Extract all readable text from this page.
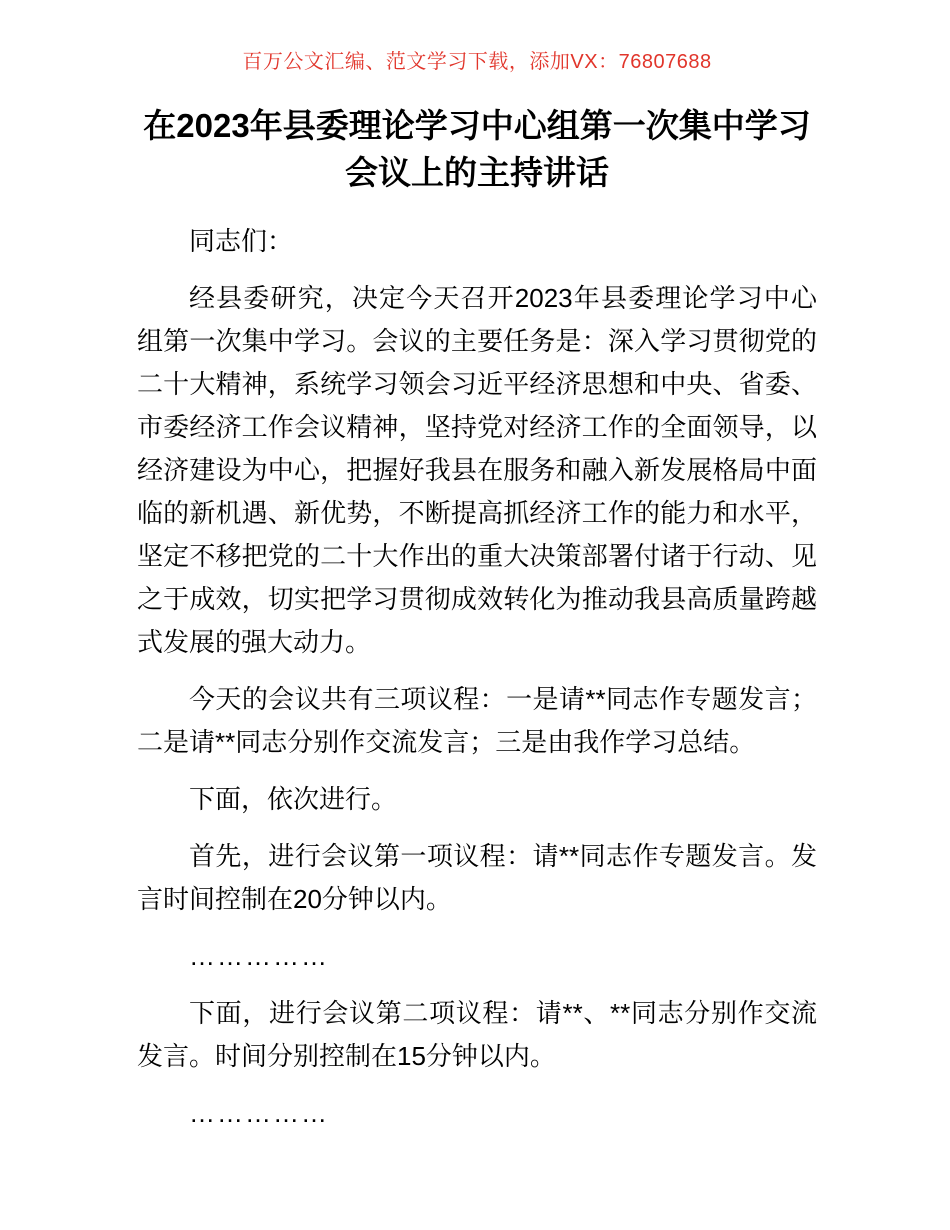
百万公文汇编、范文学习下载，添加VX：76807688
在2023年县委理论学习中心组第一次集中学习
会议上的主持讲话

同志们：

经县委研究，决定今天召开2023年县委理论学习中心组第一次集中学习。会议的主要任务是：深入学习贯彻党的二十大精神，系统学习领会习近平经济思想和中央、省委、市委经济工作会议精神，坚持党对经济工作的全面领导，以经济建设为中心，把握好我县在服务和融入新发展格局中面临的新机遇、新优势，不断提高抓经济工作的能力和水平，坚定不移把党的二十大作出的重大决策部署付诸于行动、见之于成效，切实把学习贯彻成效转化为推动我县高质量跨越式发展的强大动力。

今天的会议共有三项议程：一是请**同志作专题发言；二是请**同志分别作交流发言；三是由我作学习总结。

下面，依次进行。

首先，进行会议第一项议程：请**同志作专题发言。发言时间控制在20分钟以内。

……………

下面，进行会议第二项议程：请**、**同志分别作交流发言。时间分别控制在15分钟以内。

……………
